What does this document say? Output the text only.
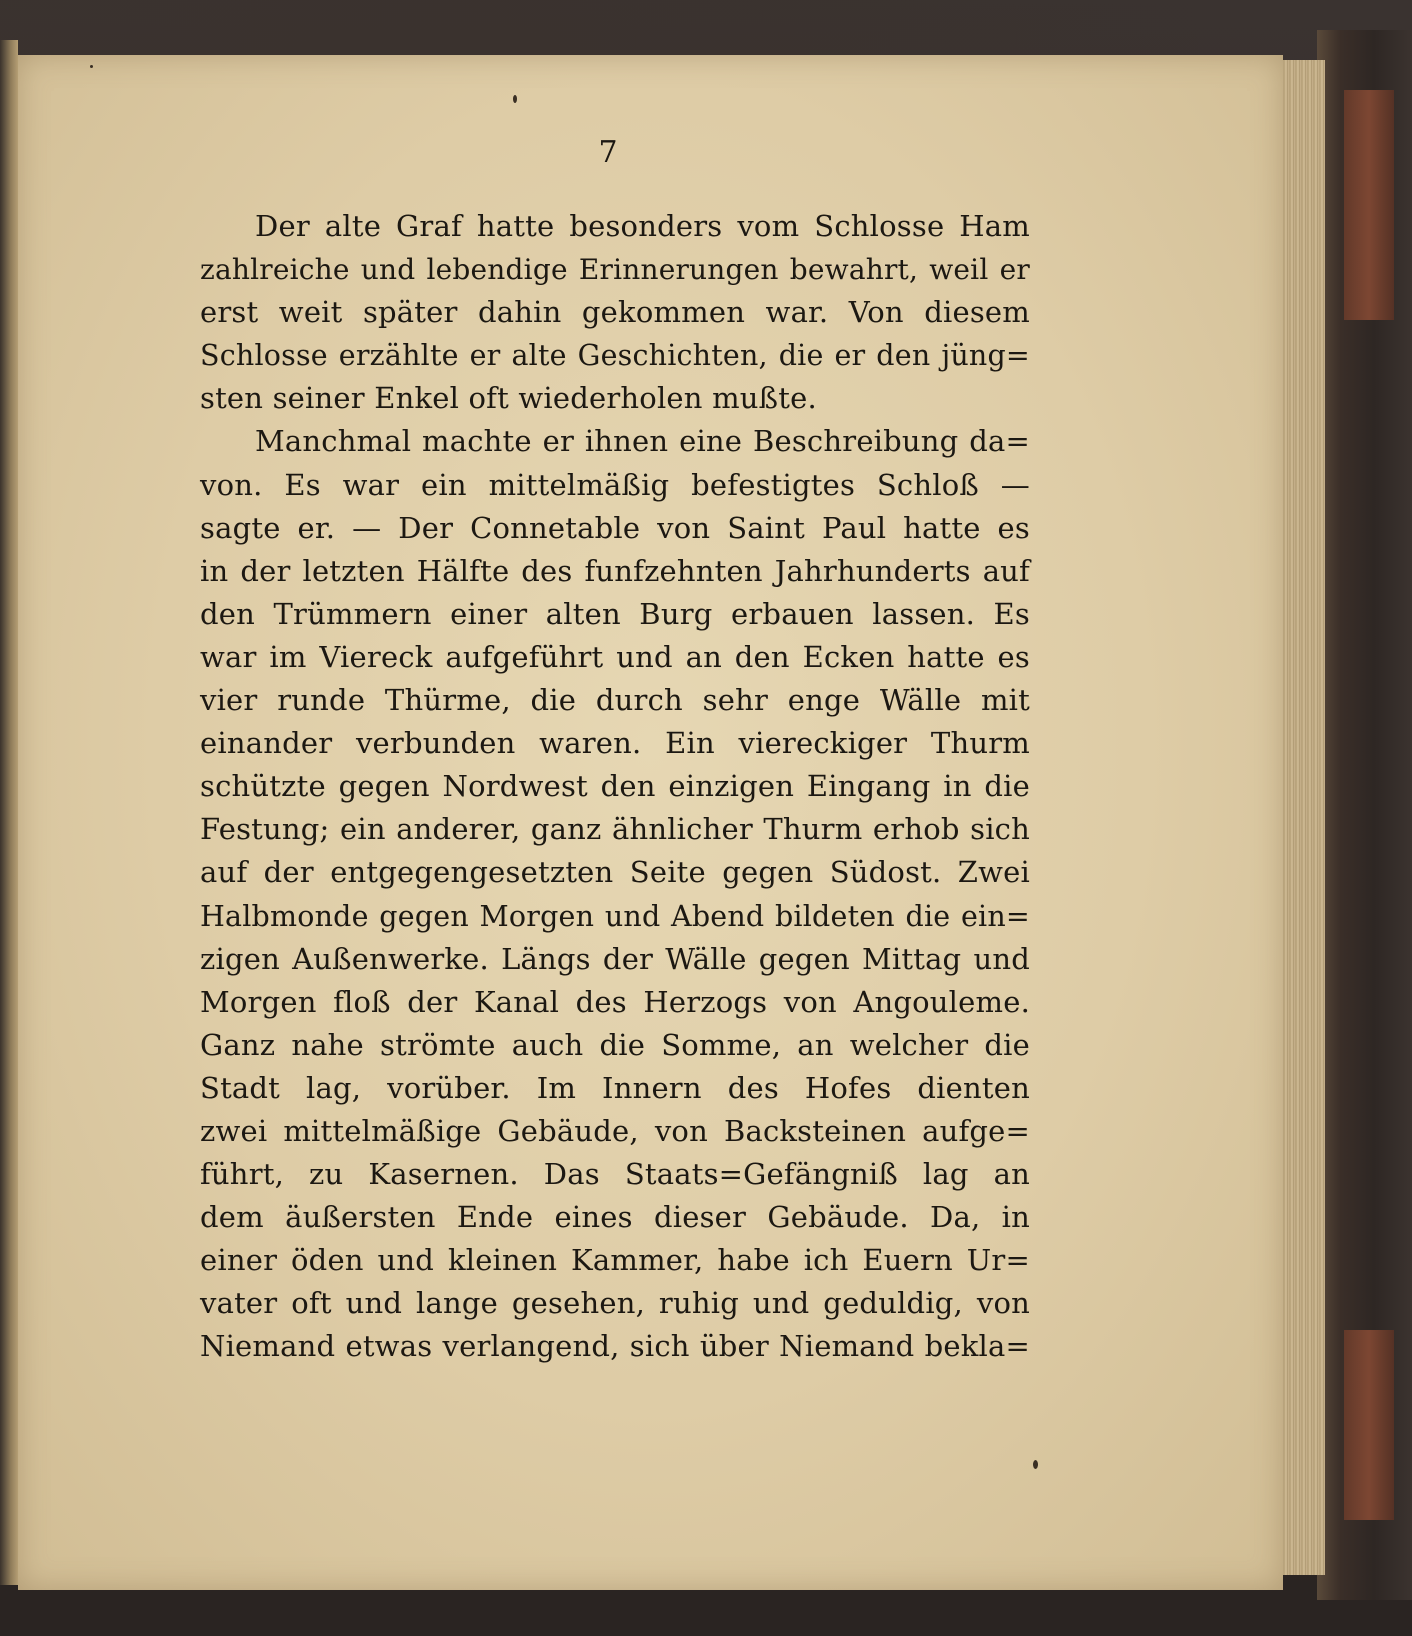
7
Der alte Graf hatte besonders vom Schlosse Ham
zahlreiche und lebendige Erinnerungen bewahrt, weil er
erst weit später dahin gekommen war. Von diesem
Schlosse erzählte er alte Geschichten, die er den jüng=
sten seiner Enkel oft wiederholen mußte.
Manchmal machte er ihnen eine Beschreibung da=
von. Es war ein mittelmäßig befestigtes Schloß —
sagte er. — Der Connetable von Saint Paul hatte es
in der letzten Hälfte des funfzehnten Jahrhunderts auf
den Trümmern einer alten Burg erbauen lassen. Es
war im Viereck aufgeführt und an den Ecken hatte es
vier runde Thürme, die durch sehr enge Wälle mit
einander verbunden waren. Ein viereckiger Thurm
schützte gegen Nordwest den einzigen Eingang in die
Festung; ein anderer, ganz ähnlicher Thurm erhob sich
auf der entgegengesetzten Seite gegen Südost. Zwei
Halbmonde gegen Morgen und Abend bildeten die ein=
zigen Außenwerke. Längs der Wälle gegen Mittag und
Morgen floß der Kanal des Herzogs von Angouleme.
Ganz nahe strömte auch die Somme, an welcher die
Stadt lag, vorüber. Im Innern des Hofes dienten
zwei mittelmäßige Gebäude, von Backsteinen aufge=
führt, zu Kasernen. Das Staats=Gefängniß lag an
dem äußersten Ende eines dieser Gebäude. Da, in
einer öden und kleinen Kammer, habe ich Euern Ur=
vater oft und lange gesehen, ruhig und geduldig, von
Niemand etwas verlangend, sich über Niemand bekla=
